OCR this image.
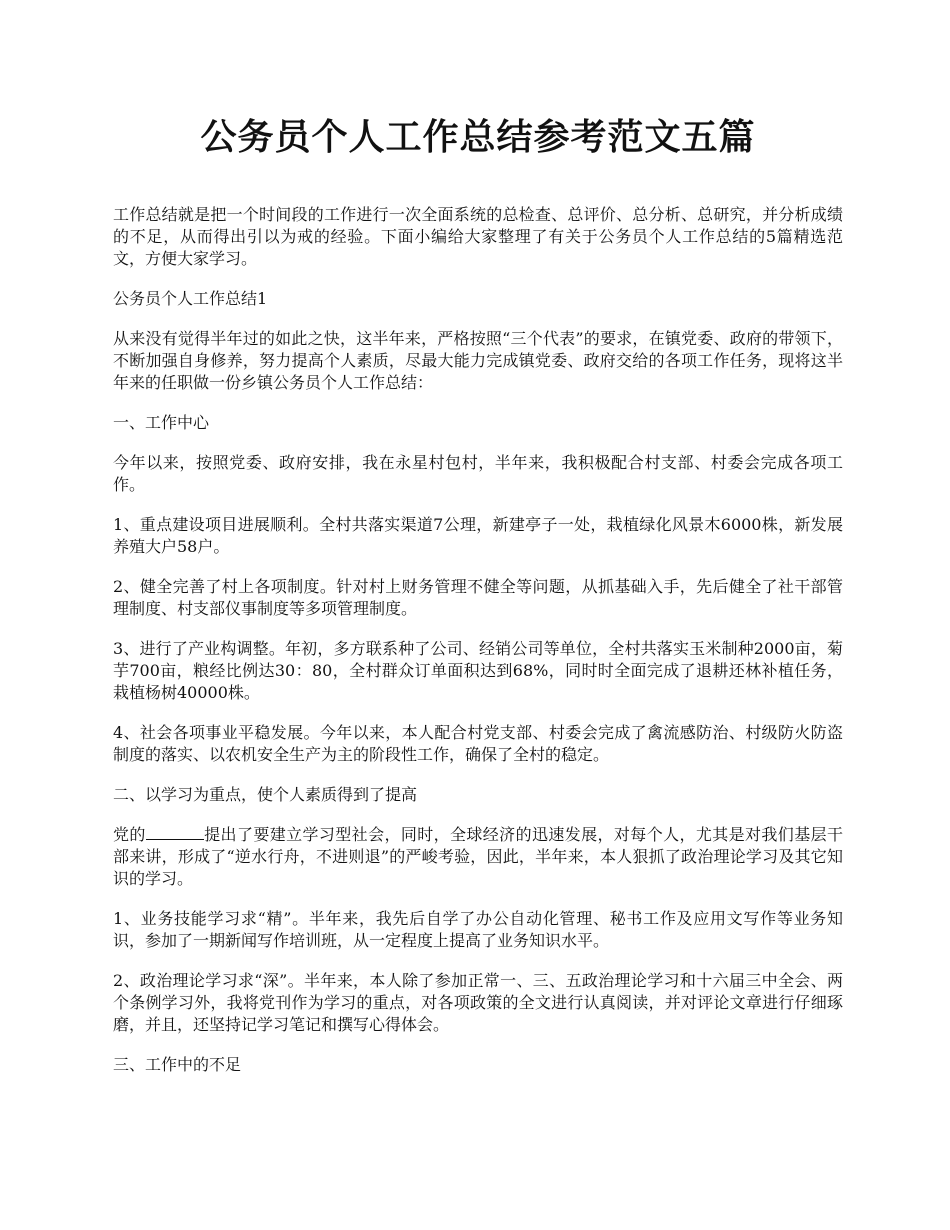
公务员个人工作总结参考范文五篇

工作总结就是把一个时间段的工作进行一次全面系统的总检查、总评价、总分析、总研究，并分析成绩的不足，从而得出引以为戒的经验。下面小编给大家整理了有关于公务员个人工作总结的5篇精选范文，方便大家学习。

公务员个人工作总结1

从来没有觉得半年过的如此之快，这半年来，严格按照“三个代表”的要求，在镇党委、政府的带领下，不断加强自身修养，努力提高个人素质，尽最大能力完成镇党委、政府交给的各项工作任务，现将这半年来的任职做一份乡镇公务员个人工作总结：

一、工作中心

今年以来，按照党委、政府安排，我在永星村包村，半年来，我积极配合村支部、村委会完成各项工作。

1、重点建设项目进展顺利。全村共落实渠道7公理，新建亭子一处，栽植绿化风景木6000株，新发展养殖大户58户。

2、健全完善了村上各项制度。针对村上财务管理不健全等问题，从抓基础入手，先后健全了社干部管理制度、村支部仪事制度等多项管理制度。

3、进行了产业构调整。年初，多方联系种了公司、经销公司等单位，全村共落实玉米制种2000亩，菊芋700亩，粮经比例达30：80，全村群众订单面积达到68%，同时时全面完成了退耕还林补植任务，栽植杨树40000株。

4、社会各项事业平稳发展。今年以来，本人配合村党支部、村委会完成了禽流感防治、村级防火防盗制度的落实、以农机安全生产为主的阶段性工作，确保了全村的稳定。

二、以学习为重点，使个人素质得到了提高

党的	提出了要建立学习型社会，同时，全球经济的迅速发展，对每个人，尤其是对我们基层干部来讲，形成了“逆水行舟，不进则退”的严峻考验，因此，半年来，本人狠抓了政治理论学习及其它知识的学习。

1、业务技能学习求“精”。半年来，我先后自学了办公自动化管理、秘书工作及应用文写作等业务知识，参加了一期新闻写作培训班，从一定程度上提高了业务知识水平。

2、政治理论学习求“深”。半年来，本人除了参加正常一、三、五政治理论学习和十六届三中全会、两个条例学习外，我将党刊作为学习的重点，对各项政策的全文进行认真阅读，并对评论文章进行仔细琢磨，并且，还坚持记学习笔记和撰写心得体会。

三、工作中的不足
